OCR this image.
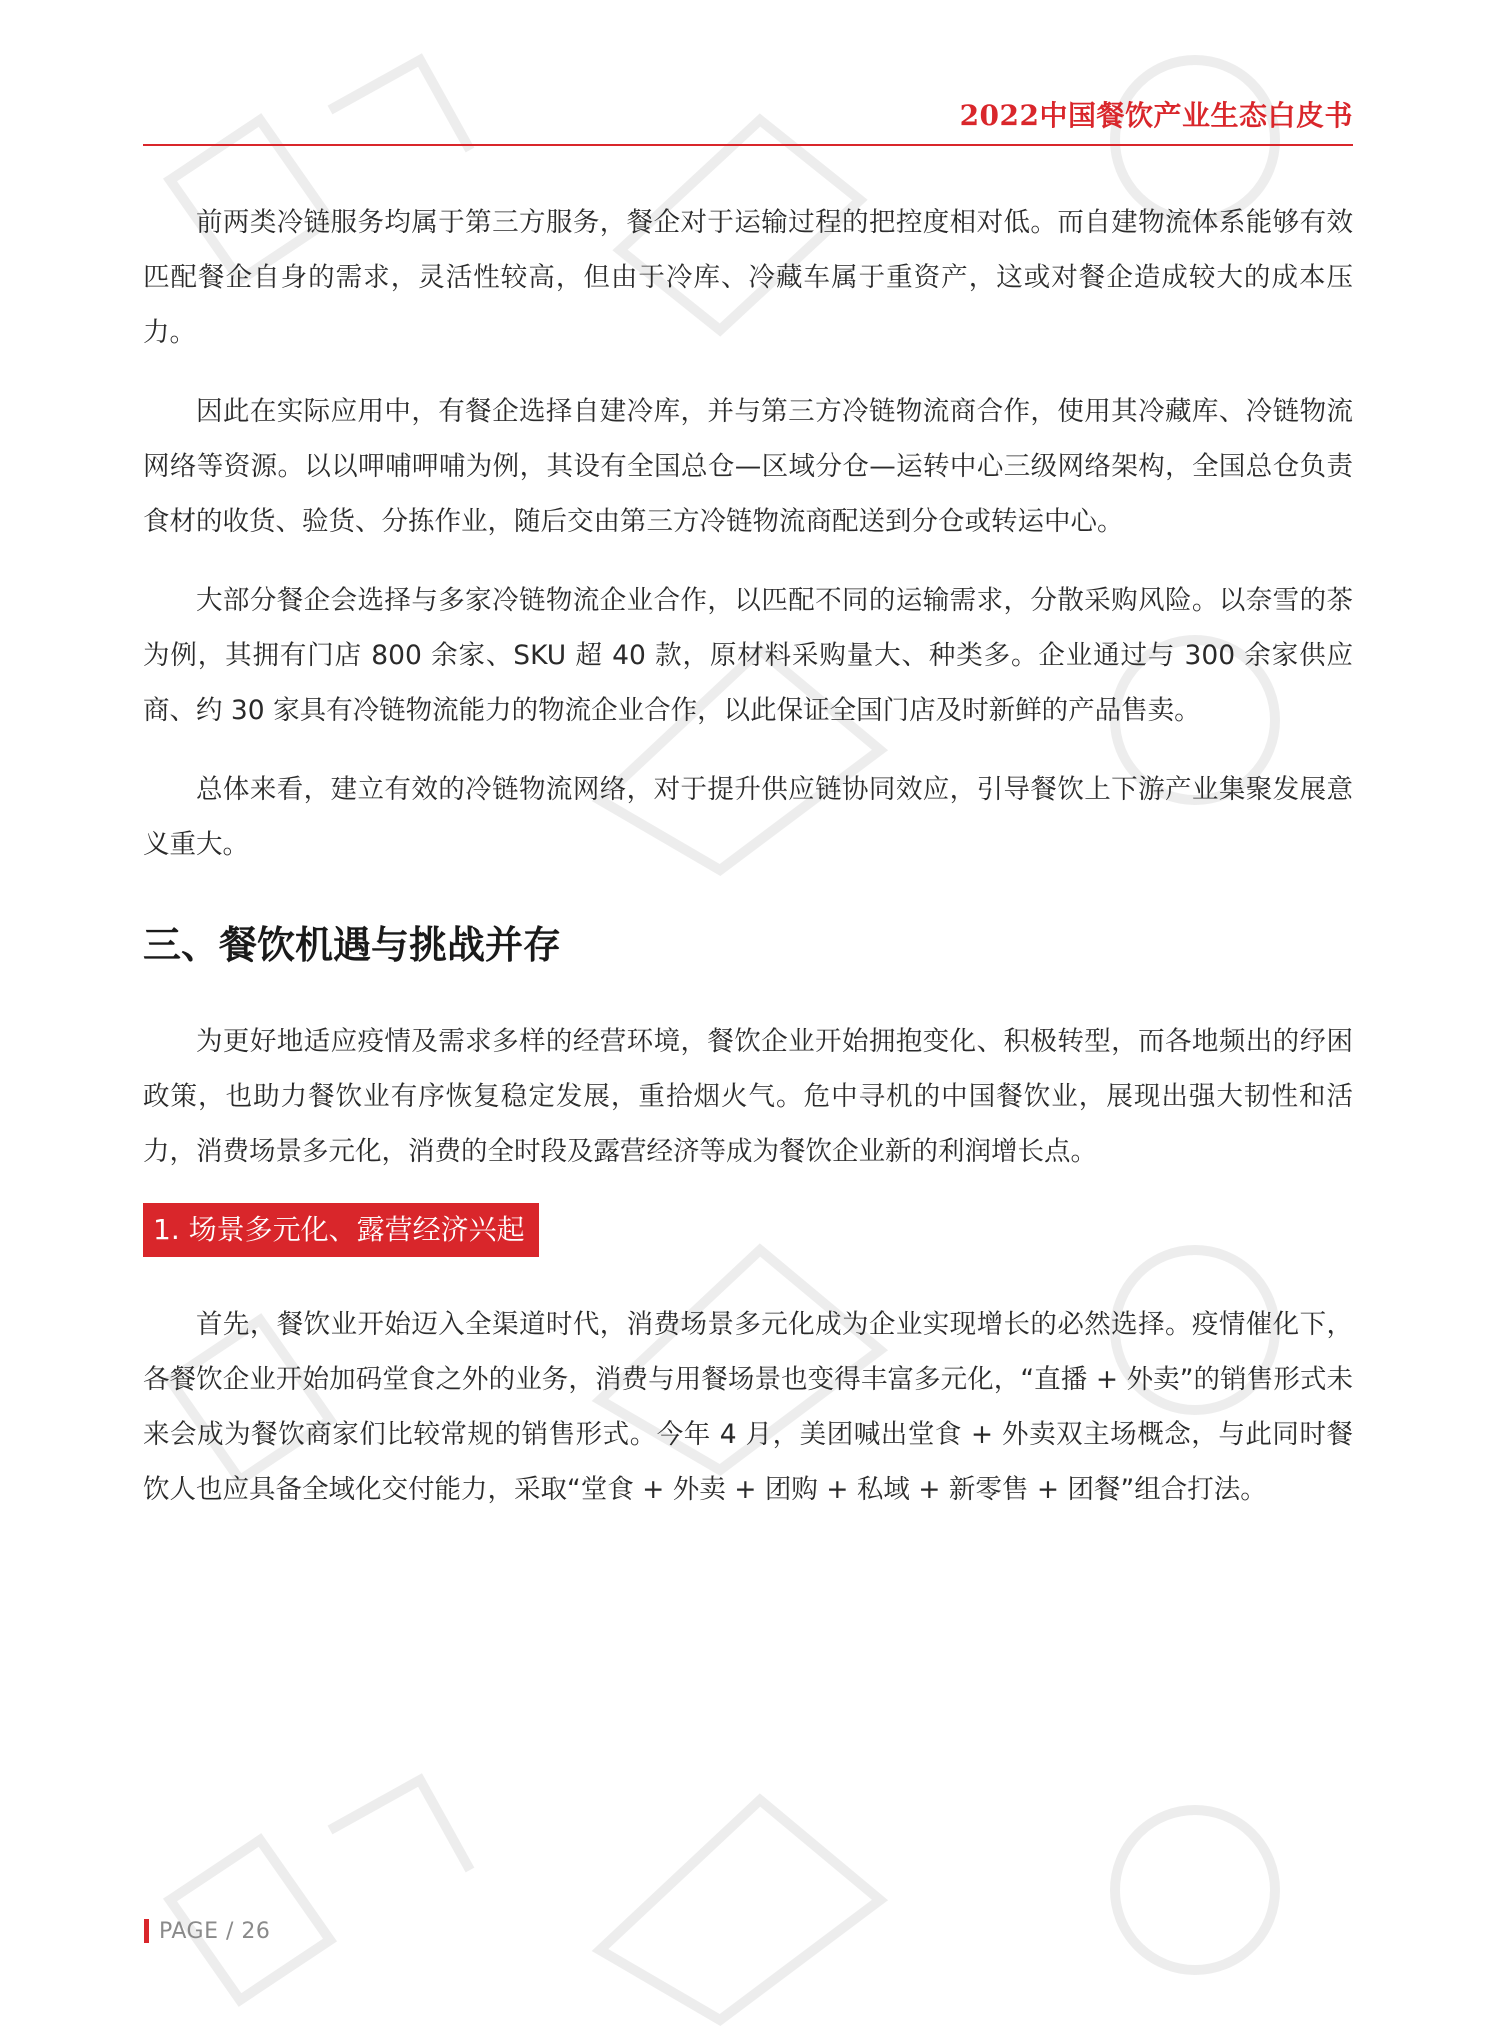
2022中国餐饮产业生态白皮书

前两类冷链服务均属于第三方服务，餐企对于运输过程的把控度相对低。而自建物流体系能够有效匹配餐企自身的需求，灵活性较高，但由于冷库、冷藏车属于重资产，这或对餐企造成较大的成本压力。

因此在实际应用中，有餐企选择自建冷库，并与第三方冷链物流商合作，使用其冷藏库、冷链物流网络等资源。以以呷哺呷哺为例，其设有全国总仓—区域分仓—运转中心三级网络架构，全国总仓负责食材的收货、验货、分拣作业，随后交由第三方冷链物流商配送到分仓或转运中心。

大部分餐企会选择与多家冷链物流企业合作，以匹配不同的运输需求，分散采购风险。以奈雪的茶为例，其拥有门店 800 余家、SKU 超 40 款，原材料采购量大、种类多。企业通过与 300 余家供应商、约 30 家具有冷链物流能力的物流企业合作，以此保证全国门店及时新鲜的产品售卖。

总体来看，建立有效的冷链物流网络，对于提升供应链协同效应，引导餐饮上下游产业集聚发展意义重大。

三、餐饮机遇与挑战并存

为更好地适应疫情及需求多样的经营环境，餐饮企业开始拥抱变化、积极转型，而各地频出的纾困政策，也助力餐饮业有序恢复稳定发展，重拾烟火气。危中寻机的中国餐饮业，展现出强大韧性和活力，消费场景多元化，消费的全时段及露营经济等成为餐饮企业新的利润增长点。

1. 场景多元化、露营经济兴起

首先，餐饮业开始迈入全渠道时代，消费场景多元化成为企业实现增长的必然选择。疫情催化下，各餐饮企业开始加码堂食之外的业务，消费与用餐场景也变得丰富多元化，“直播 + 外卖”的销售形式未来会成为餐饮商家们比较常规的销售形式。今年 4 月，美团喊出堂食 + 外卖双主场概念，与此同时餐饮人也应具备全域化交付能力，采取“堂食 + 外卖 + 团购 + 私域 + 新零售 + 团餐”组合打法。

PAGE / 26
